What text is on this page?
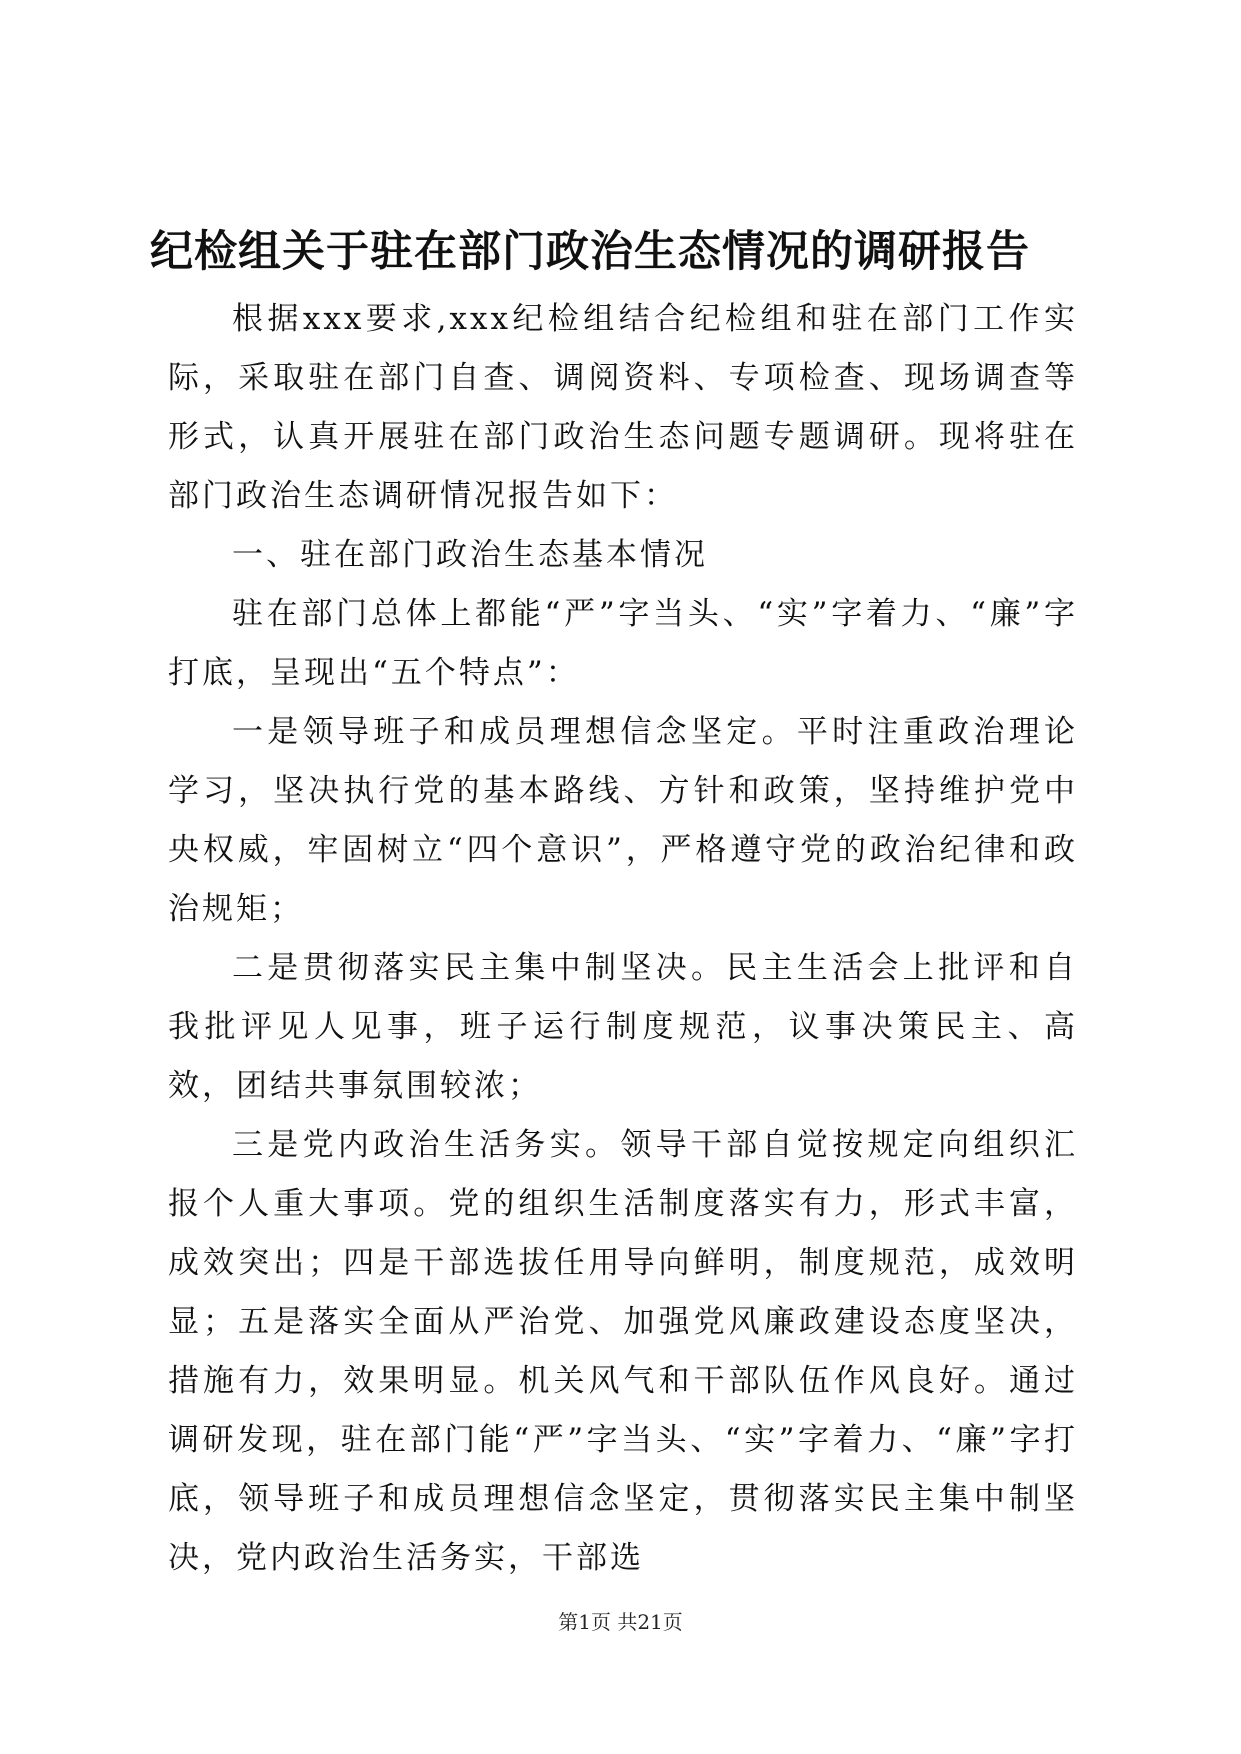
纪检组关于驻在部门政治生态情况的调研报告

根据xxx要求,xxx纪检组结合纪检组和驻在部门工作实际，采取驻在部门自查、调阅资料、专项检查、现场调查等形式，认真开展驻在部门政治生态问题专题调研。现将驻在部门政治生态调研情况报告如下：

一、驻在部门政治生态基本情况

驻在部门总体上都能“严”字当头、“实”字着力、“廉”字打底，呈现出“五个特点”：

一是领导班子和成员理想信念坚定。平时注重政治理论学习，坚决执行党的基本路线、方针和政策，坚持维护党中央权威，牢固树立“四个意识”，严格遵守党的政治纪律和政治规矩；

二是贯彻落实民主集中制坚决。民主生活会上批评和自我批评见人见事，班子运行制度规范，议事决策民主、高效，团结共事氛围较浓；

三是党内政治生活务实。领导干部自觉按规定向组织汇报个人重大事项。党的组织生活制度落实有力，形式丰富，成效突出；四是干部选拔任用导向鲜明，制度规范，成效明显；五是落实全面从严治党、加强党风廉政建设态度坚决，措施有力，效果明显。机关风气和干部队伍作风良好。通过调研发现，驻在部门能“严”字当头、“实”字着力、“廉”字打底，领导班子和成员理想信念坚定，贯彻落实民主集中制坚决，党内政治生活务实，干部选

第1页 共21页
